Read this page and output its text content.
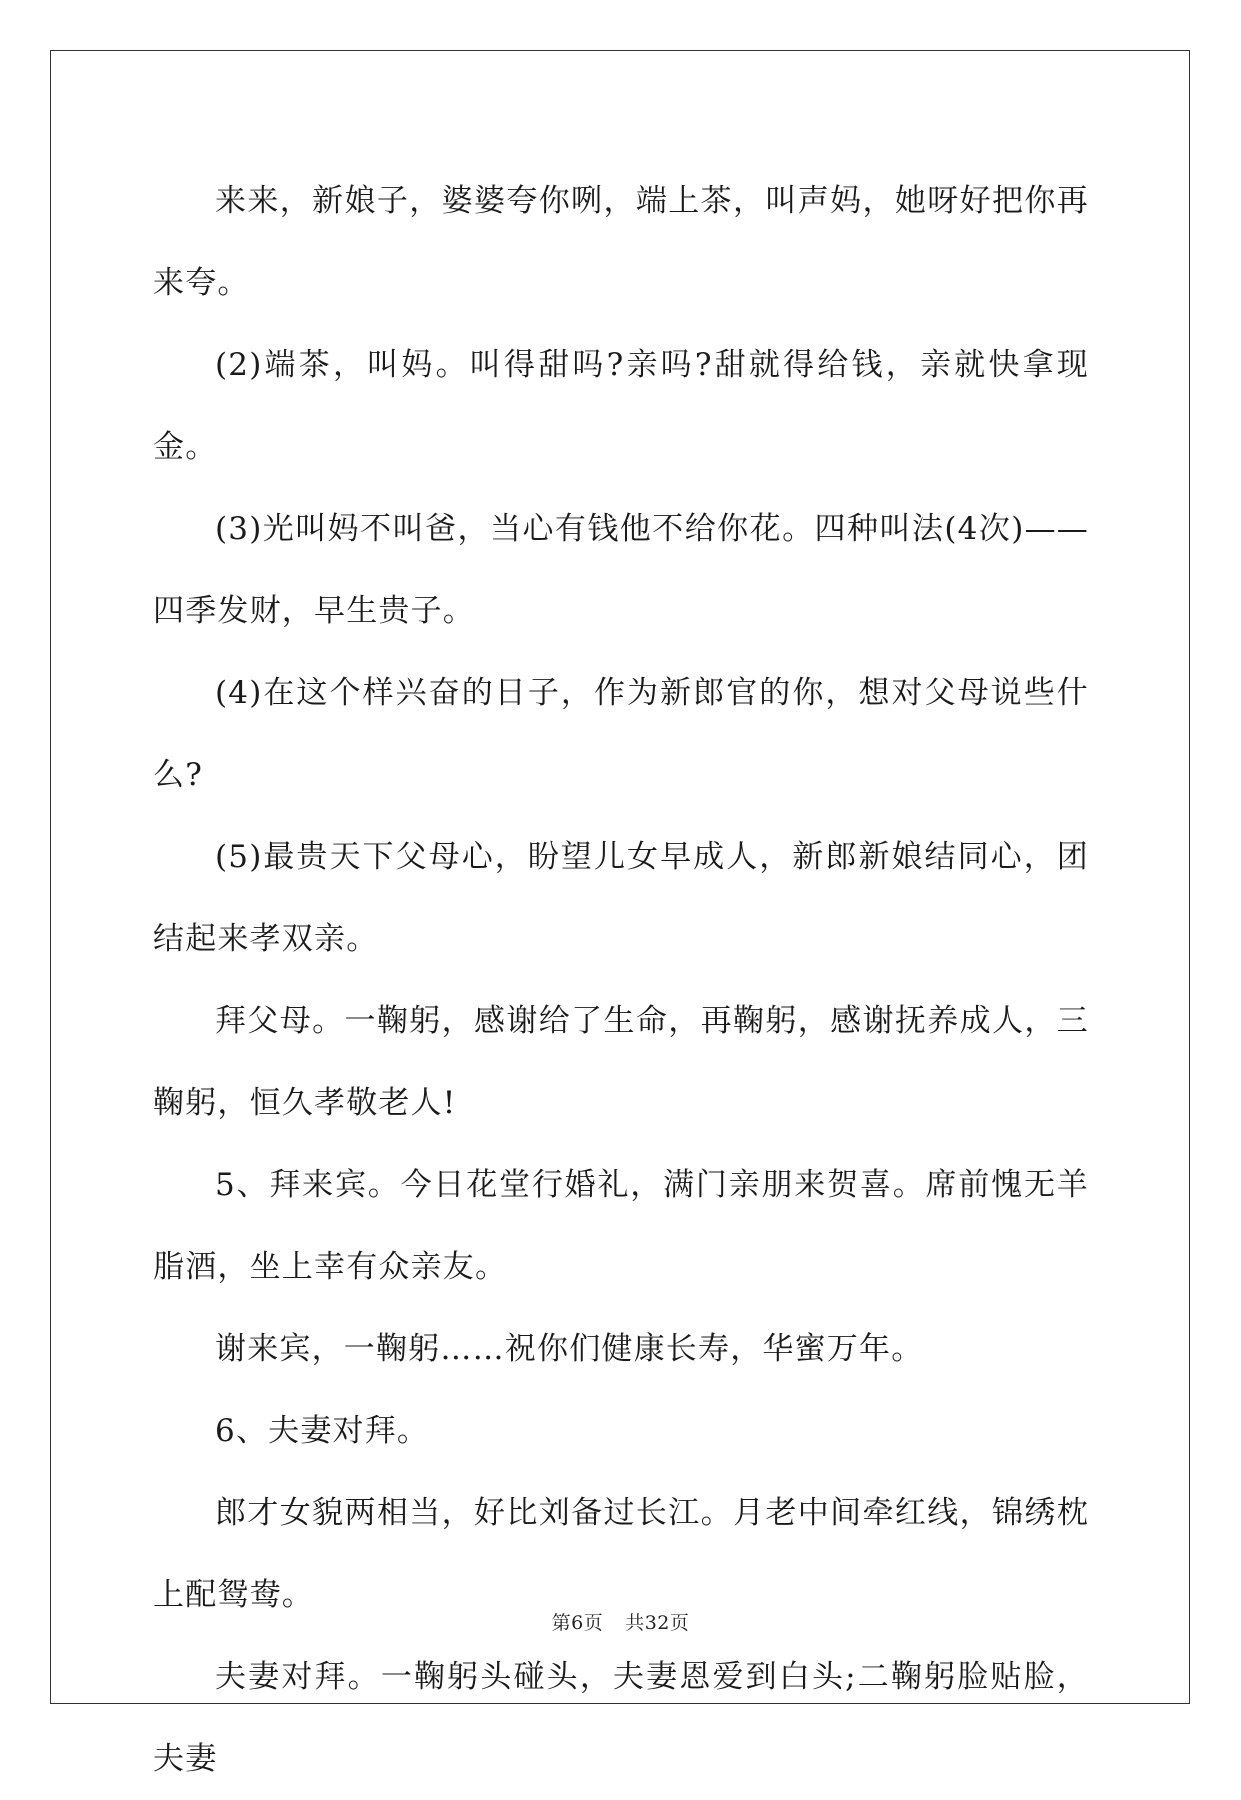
来来，新娘子，婆婆夸你咧，端上茶，叫声妈，她呀好把你再来夸。

(2)端茶，叫妈。叫得甜吗?亲吗?甜就得给钱，亲就快拿现金。

(3)光叫妈不叫爸，当心有钱他不给你花。四种叫法(4次)——四季发财，早生贵子。

(4)在这个样兴奋的日子，作为新郎官的你，想对父母说些什么?

(5)最贵天下父母心，盼望儿女早成人，新郎新娘结同心，团结起来孝双亲。

拜父母。一鞠躬，感谢给了生命，再鞠躬，感谢抚养成人，三鞠躬，恒久孝敬老人!

5、拜来宾。今日花堂行婚礼，满门亲朋来贺喜。席前愧无羊脂酒，坐上幸有众亲友。

谢来宾，一鞠躬……祝你们健康长寿，华蜜万年。

6、夫妻对拜。

郎才女貌两相当，好比刘备过长江。月老中间牵红线，锦绣枕上配鸳鸯。

夫妻对拜。一鞠躬头碰头，夫妻恩爱到白头;二鞠躬脸贴脸，夫妻

第6页 共32页
